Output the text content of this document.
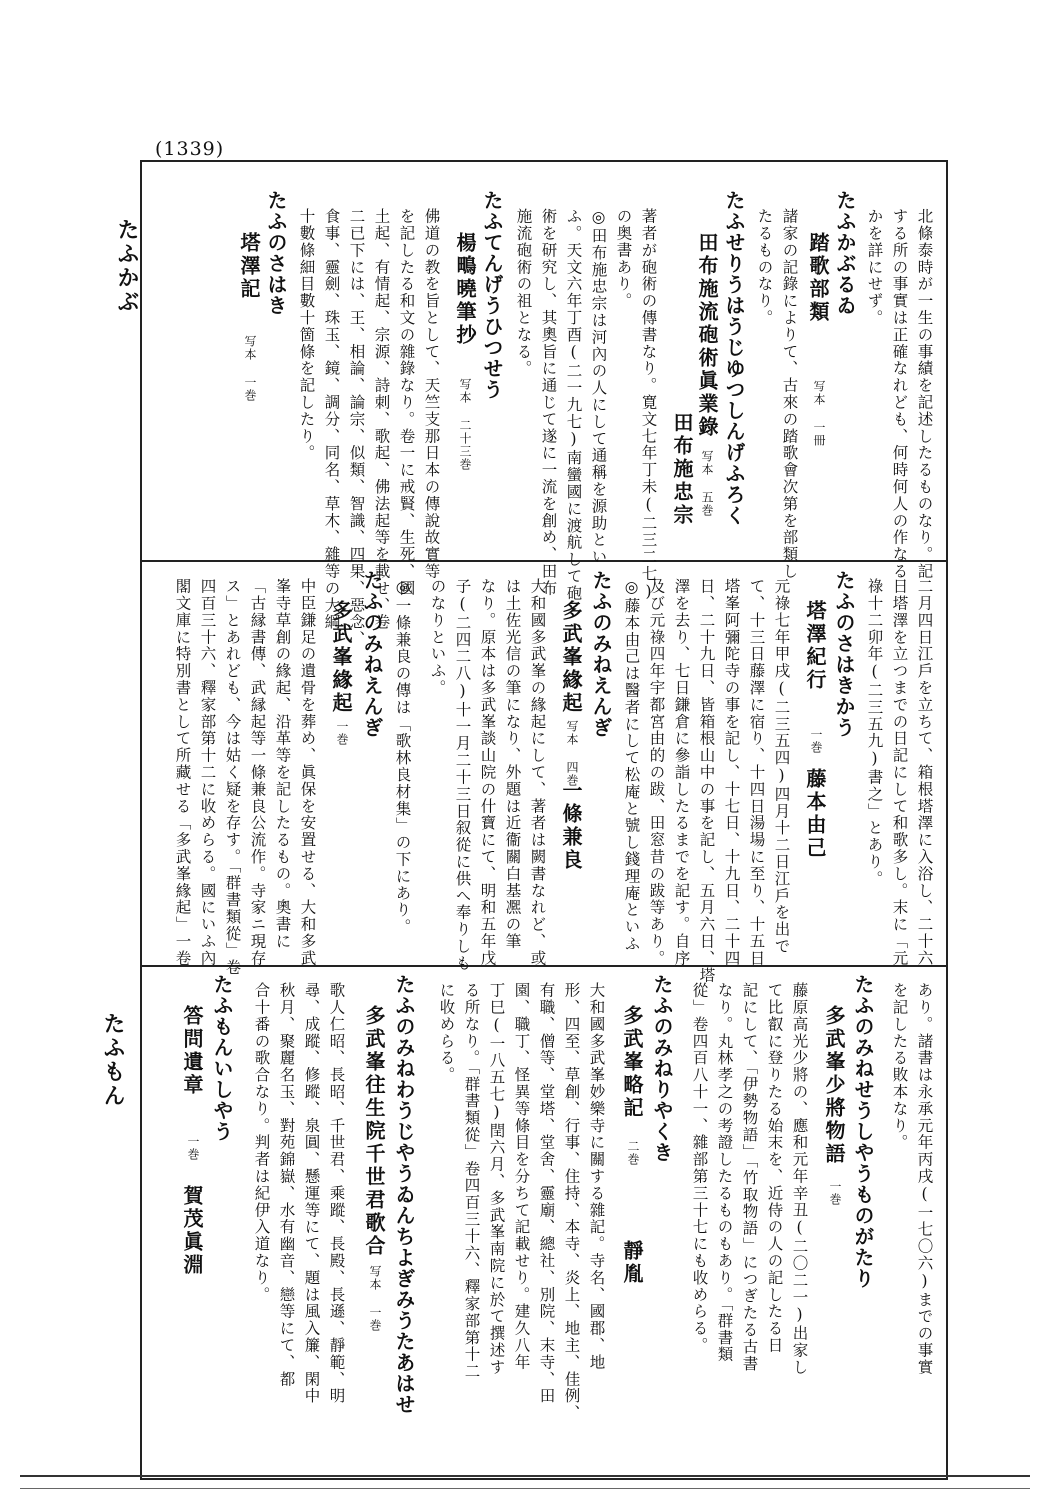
(1339)
たふかぶ
たふもん
北條泰時が一生の事績を記述したるものなり。記
する所の事實は正確なれども、何時何人の作なる
かを詳にせず。
たふかぶるゐ
踏歌部類
写本 一冊
諸家の記錄によりて、古來の踏歌會次第を部類し
たるものなり。
たふせりうはうじゆつしんげふろく
田布施流砲術眞業錄
写本 五巻
田布施忠宗
著者が砲術の傳書なり。寛文七年丁未(二三二七)
の奥書あり。
◎田布施忠宗は河內の人にして通稱を源助とい
ふ。天文六年丁酉(二一九七)南蠻國に渡航して砲
術を研究し、其奧旨に通じて遂に一流を創め、田布
施流砲術の祖となる。
たふてんげうひつせう
楊鴫曉筆抄
写本 二十三巻
佛道の教を旨として、天竺支那日本の傳說故實等
を記したる和文の雜錄なり。卷一に戒賢、生死、國
土起、有情起、宗源、詩刺、歌起、佛法起等を載せ、卷
二已下には、王、相論、論宗、似類、智識、四果、惡念、
食事、靈劍、珠玉、鏡、調分、同名、草木、雜等の大綱
十數條細目數十箇條を記したり。
たふのさはき
塔澤記
写本 一巻
二月四日江戶を立ちて、箱根塔澤に入浴し、二十六
日塔澤を立つまでの日記にして和歌多し。末に「元
祿十二卯年(二三五九)書之」とあり。
たふのさはきかう
塔澤紀行
一巻
藤本由己
元祿七年甲戌(二三五四)四月十二日江戶を出で
て、十三日藤澤に宿り、十四日湯場に至り、十五日
塔峯阿彌陀寺の事を記し、十七日、十九日、二十四
日、二十九日、皆箱根山中の事を記し、五月六日、塔
澤を去り、七日鎌倉に參詣したるまでを記す。自序
及び元祿四年宇都宮由的の跋、田窓昔の跋等あり。
◎藤本由己は醫者にして松庵と號し錢理庵といふ
たふのみねえんぎ
多武峯緣起
写本 四巻
一條兼良
大和國多武峯の緣起にして、著者は闕書なれど、或
は土佐光信の筆になり、外題は近衞關白基凞の筆
なり。原本は多武峯談山院の什寶にて、明和五年戊
子(二四二八)十一月二十三日叙從に供へ奉りしも
のなりといふ。
◎一條兼良の傳は「歌林良材集」の下にあり。
たふのみねえんぎ
多武峯緣起
一巻
中臣鎌足の遺骨を葬め、眞保を安置せる、大和多武
峯寺草創の緣起、沿革等を記したるもの。奧書に
「古縁書傳、武縁起等一條兼良公流作。寺家ニ現存
ス」とあれども、今は姑く疑を存す。「群書類從」卷
四百三十六、釋家部第十二に收めらる。國にいふ內
閣文庫に特別書として所藏せる「多武峯緣起」一卷
あり。諸書は永承元年丙戌(一七〇六)までの事實
を記したる敗本なり。
たふのみねせうしやうものがたり
多武峯少將物語
一巻
藤原高光少將の、應和元年辛丑(二〇二一)出家し
て比叡に登りたる始末を、近侍の人の記したる日
記にして、「伊勢物語」「竹取物語」につぎたる古書
なり。丸林孝之の考證したるものもあり。「群書類
從」卷四百八十一、雜部第三十七にも收めらる。
たふのみねりやくき
多武峯略記
二巻
靜胤
大和國多武峯妙樂寺に關する雜記。寺名、國郡、地
形、四至、草創、行事、住持、本寺、炎上、地主、佳例、
有職、僧等、堂塔、堂舍、靈廟、總社、別院、末寺、田
園、職丁、怪異等條目を分ちて記載せり。建久八年
丁巳(一八五七)閏六月、多武峯南院に於て撰述す
る所なり。「群書類從」卷四百三十六、釋家部第十二
に收めらる。
たふのみねわうじやうゐんちよぎみうたあはせ
多武峯往生院千世君歌合
写本 一巻
歌人仁昭、長昭、千世君、乘蹤、長殿、長遜、靜範、明
尋、成蹤、修蹤、泉圓、懸運等にて、題は風入簾、閑中
秋月、聚麗名玉、對苑錦嶽、水有幽音、戀等にて、都
合十番の歌合なり。判者は紀伊入道なり。
たふもんいしやう
答問遺章
一巻
賀茂眞淵
